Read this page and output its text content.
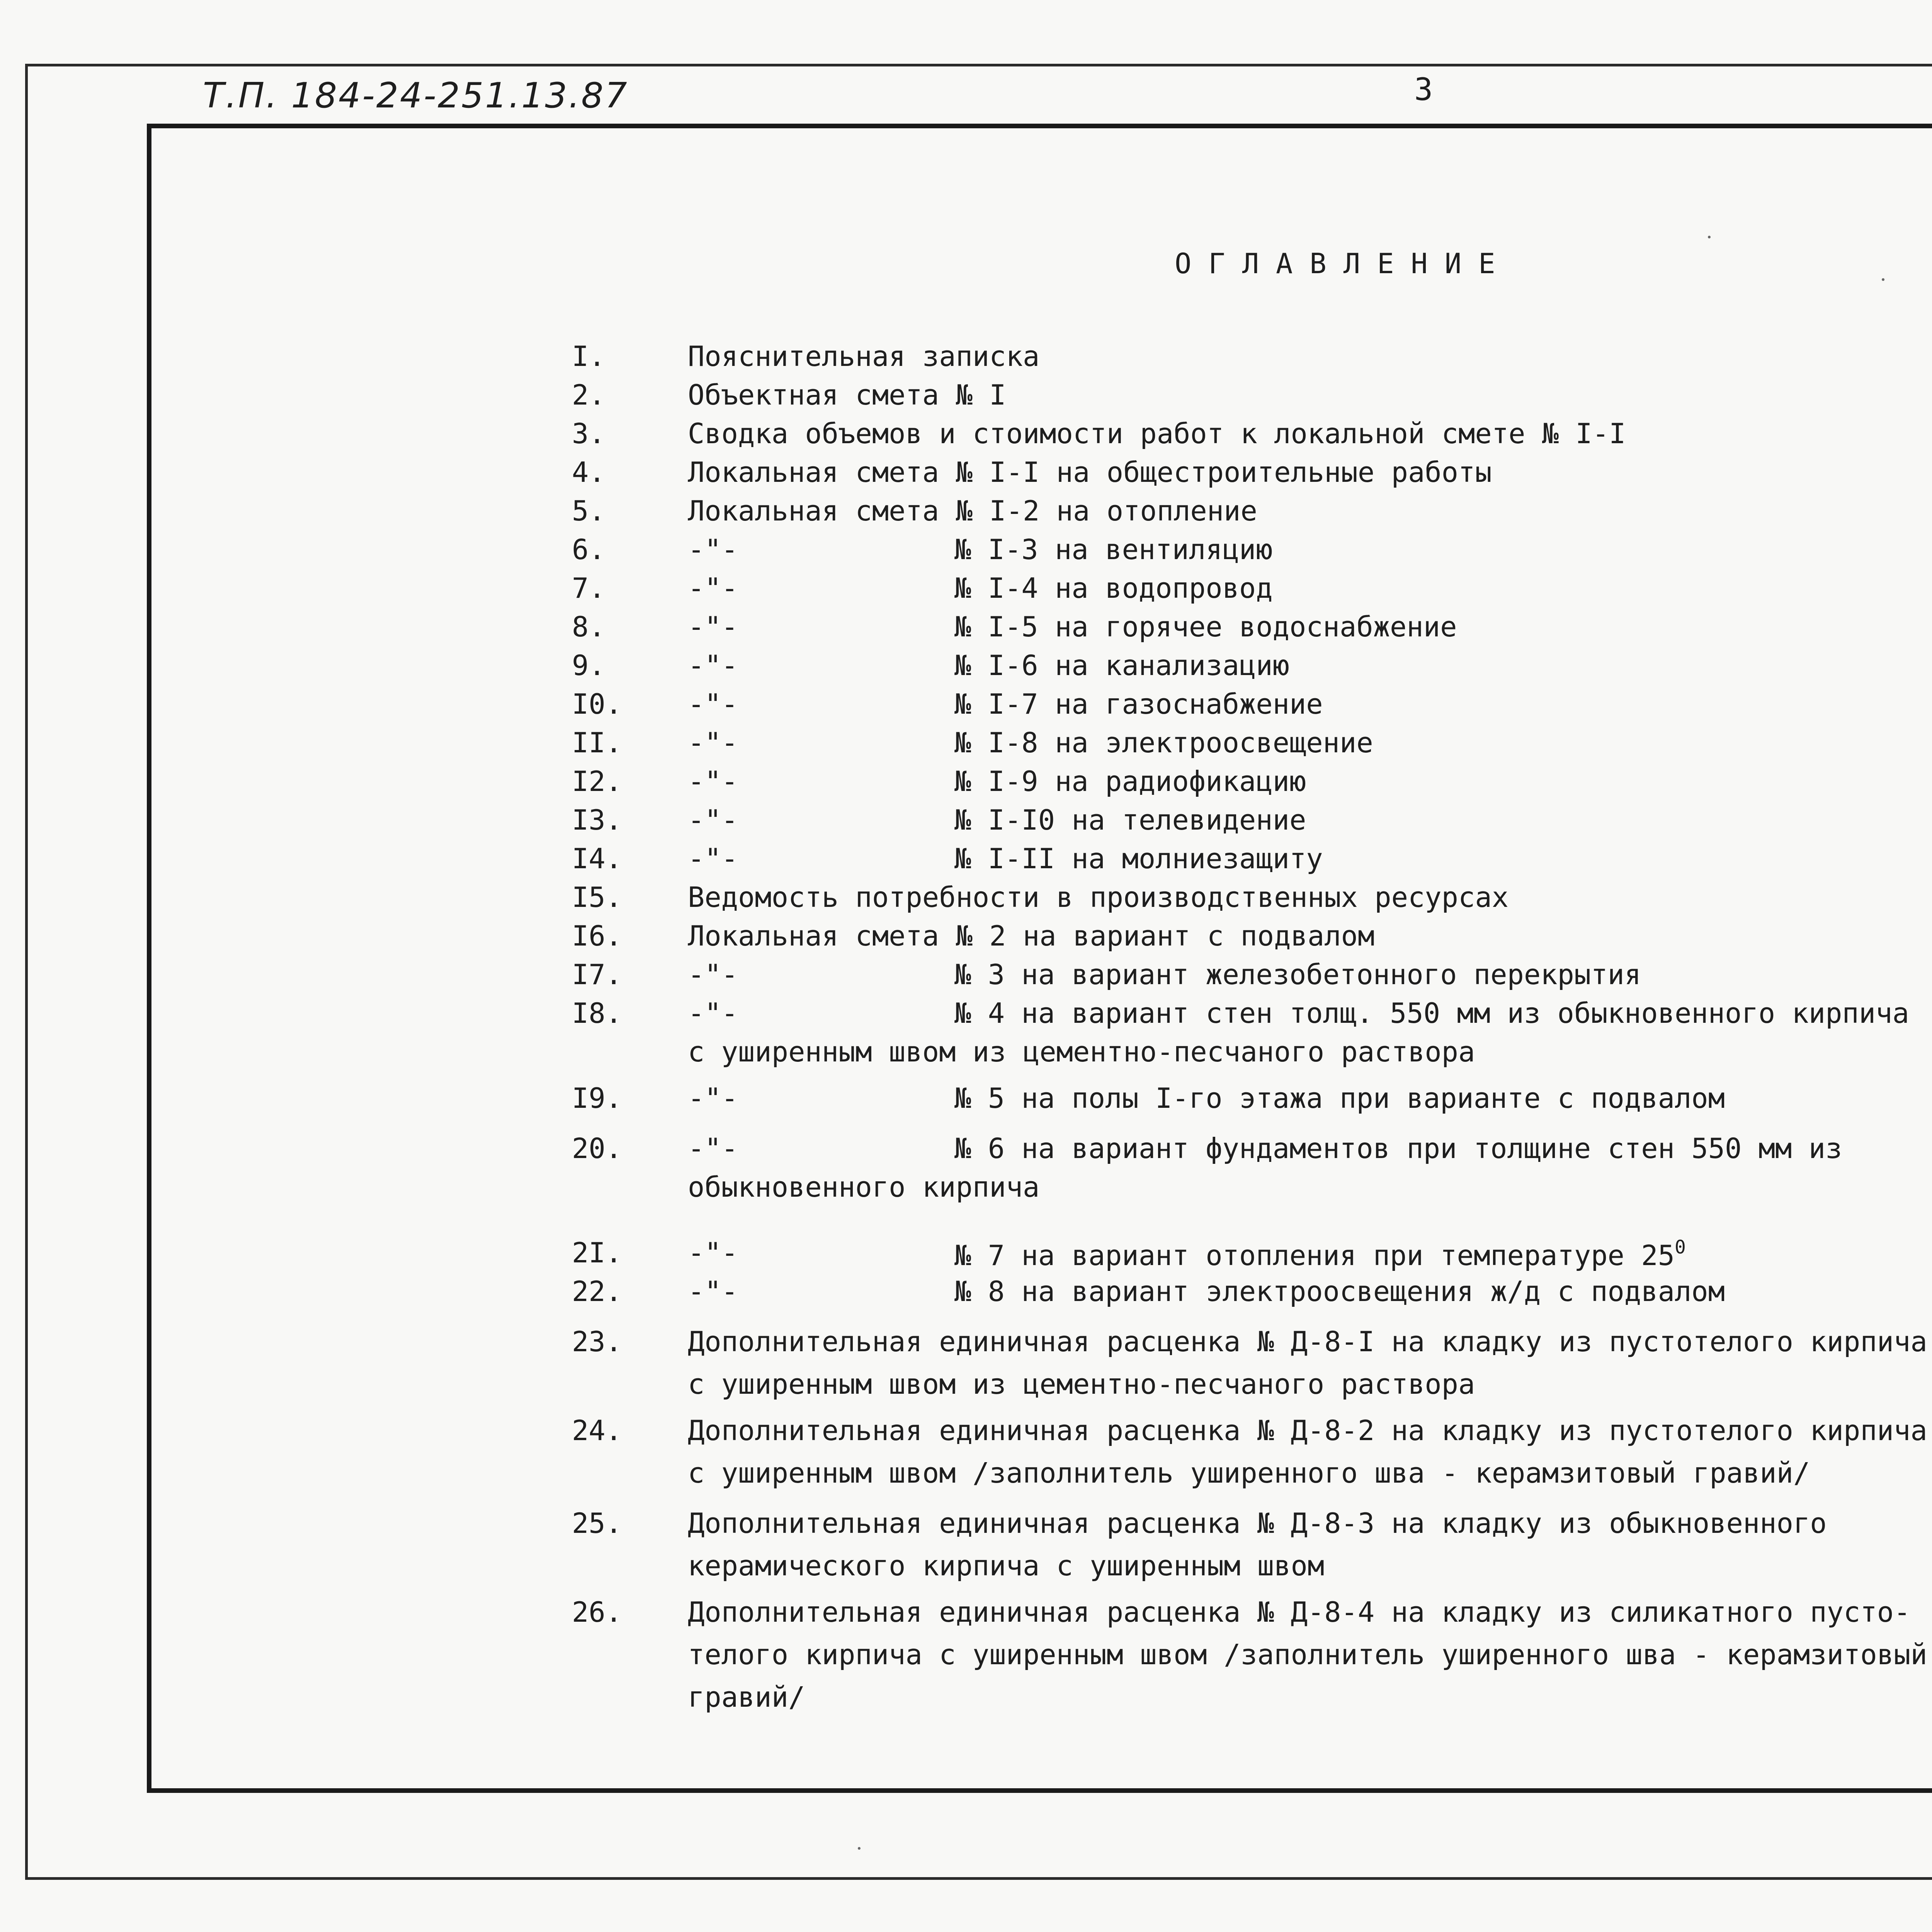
Т.П. 184-24-251.13.87	3
ОГЛАВЛЕНИЕ
I.	Пояснительная записка
2.	Объектная смета № I
3.	Сводка объемов и стоимости работ к локальной смете № I-I
4.	Локальная смета № I-I на общестроительные работы
5.	Локальная смета № I-2 на отопление
6.	-"-	№ I-3 на вентиляцию
7.	-"-	№ I-4 на водопровод
8.	-"-	№ I-5 на горячее водоснабжение
9.	-"-	№ I-6 на канализацию
I0. -"-	№ I-7 на газоснабжение
II. -"-	№ I-8 на электроосвещение
I2. -"-	№ I-9 на радиофикацию
I3. -"-	№ I-I0 на телевидение
I4. -"-	№ I-II на молниезащиту
I5. Ведомость потребности в производственных ресурсах
I6. Локальная смета № 2 на вариант с подвалом
I7. -"-	№ 3 на вариант железобетонного перекрытия
I8. -"-	№ 4 на вариант стен толщ. 550 мм из обыкновенного кирпича
с уширенным швом из цементно-песчаного раствора
I9. -"-	№ 5 на полы I-го этажа при варианте с подвалом
20. -"-	№ 6 на вариант фундаментов при толщине стен 550 мм из
обыкновенного кирпича
2I. -"-	№ 7 на вариант отопления при температуре $25^0$
22. -"-	№ 8 на вариант электроосвещения ж/д с подвалом
23. Дополнительная единичная расценка № Д-8-I на кладку из пустотелого кирпича
с уширенным швом из цементно-песчаного раствора
24. Дополнительная единичная расценка № Д-8-2 на кладку из пустотелого кирпича
с уширенным швом /заполнитель уширенного шва - керамзитовый гравий/
25. Дополнительная единичная расценка № Д-8-3 на кладку из обыкновенного
керамического кирпича с уширенным швом
26. Дополнительная единичная расценка № Д-8-4 на кладку из силикатного пусто-
телого кирпича с уширенным швом /заполнитель уширенного шва - керамзитовый
гравий/
